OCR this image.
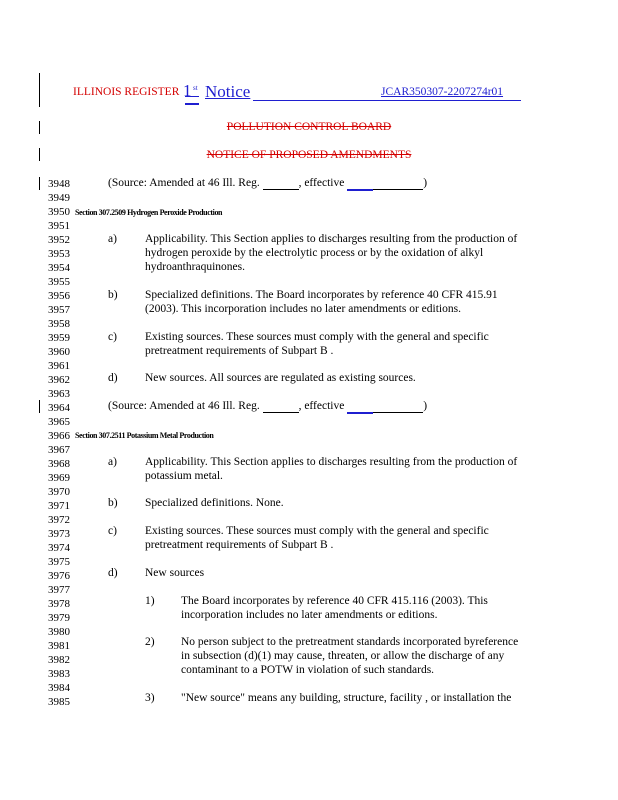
ILLINOIS REGISTER 1 st Notice	JCAR350307-2207274r01
POLLUTION CONTROL BOARD
NOTICE OF PROPOSED AMENDMENTS
3948
3949
3950
3951
3952
3953
3954
3955
3956
3957
3958
3959
3960
3961
3962
3963
3964
3965
3966
3967
3968
3969
3970
3971
3972
3973
3974
3975
3976
3977
3978
3979
3980
3981
3982
3983
3984
3985
(Source: Amended at 46 Ill. Reg.	, effective	)
Section 307.2509 Hydrogen Peroxide Production
a) Applicability. This Section applies to discharges resulting from the production of
hydrogen peroxide by the electrolytic process or by the oxidation of alkyl
hydroanthraquinones.
b) Specialized definitions. The Board incorporates by reference 40 CFR 415.91
(2003). This incorporation includes no later amendments or editions.
c) Existing sources. These sources must comply with the general and specific
pretreatment requirements of Subpart B .
d) New sources. All sources are regulated as existing sources.
(Source: Amended at 46 Ill. Reg.	, effective	)
Section 307.2511 Potassium Metal Production
a) Applicability. This Section applies to discharges resulting from the production of
potassium metal.
b) Specialized definitions. None.
c) Existing sources. These sources must comply with the general and specific
pretreatment requirements of Subpart B .
d) New sources
1) The Board incorporates by reference 40 CFR 415.116 (2003). This
incorporation includes no later amendments or editions.
2) No person subject to the pretreatment standards incorporated byreference
in subsection (d)(1) may cause, threaten, or allow the discharge of any
contaminant to a POTW in violation of such standards.
3) "New source" means any building, structure, facility , or installation the
